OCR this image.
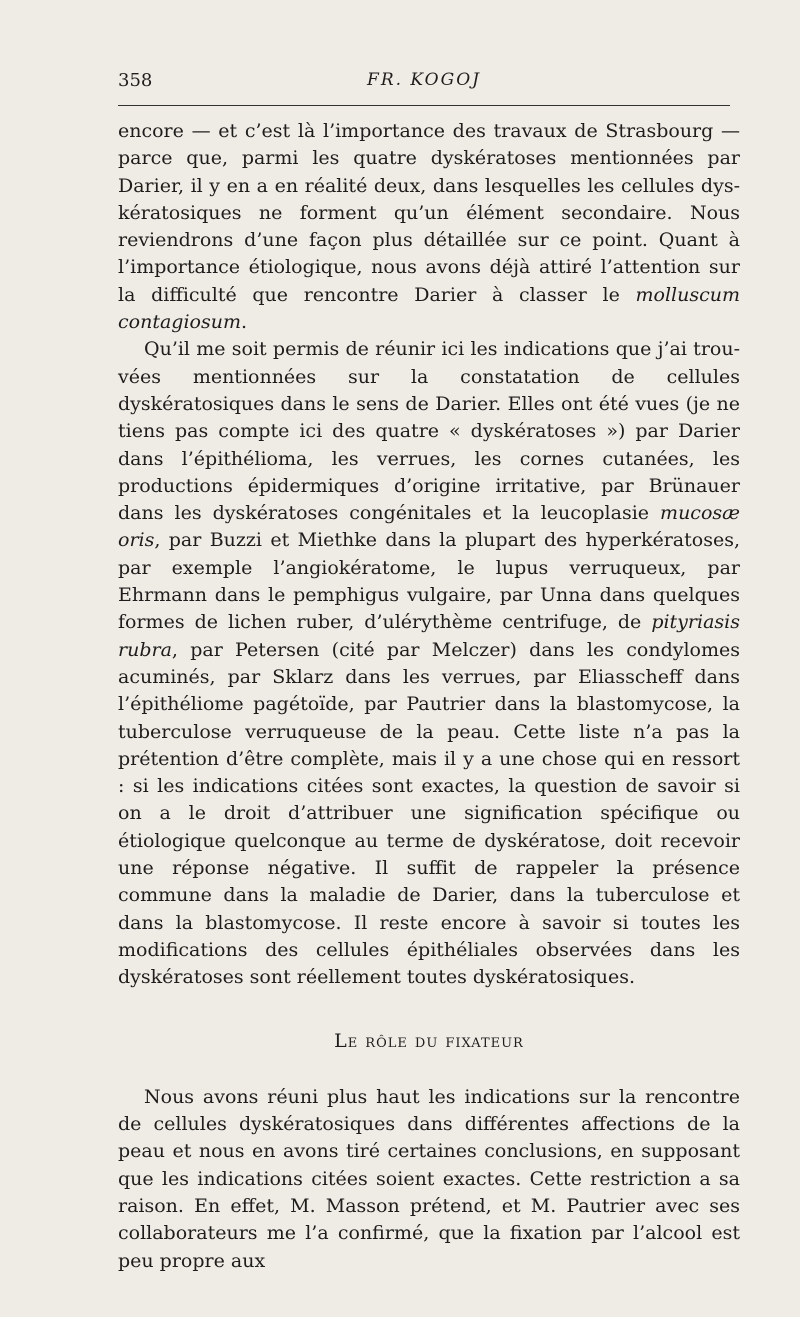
358	FR. KOGOJ

encore — et c’est là l’importance des travaux de Strasbourg — parce que, parmi les quatre dyskératoses mentionnées par Darier, il y en a en réalité deux, dans lesquelles les cellules dyskératosiques ne forment qu’un élément secondaire. Nous reviendrons d’une façon plus détaillée sur ce point. Quant à l’importance étiologique, nous avons déjà attiré l’attention sur la difficulté que rencontre Darier à classer le molluscum contagiosum.

Qu’il me soit permis de réunir ici les indications que j’ai trouvées mentionnées sur la constatation de cellules dyskératosiques dans le sens de Darier. Elles ont été vues (je ne tiens pas compte ici des quatre « dyskératoses ») par Darier dans l’épithélioma, les verrues, les cornes cutanées, les productions épidermiques d’origine irritative, par Brünauer dans les dyskératoses congénitales et la leucoplasie mucosæ oris, par Buzzi et Miethke dans la plupart des hyperkératoses, par exemple l’angiokératome, le lupus verruqueux, par Ehrmann dans le pemphigus vulgaire, par Unna dans quelques formes de lichen ruber, d’ulérythème centrifuge, de pityriasis rubra, par Petersen (cité par Melczer) dans les condylomes acuminés, par Sklarz dans les verrues, par Eliasscheff dans l’épithéliome pagétoïde, par Pautrier dans la blastomycose, la tuberculose verruqueuse de la peau. Cette liste n’a pas la prétention d’être complète, mais il y a une chose qui en ressort : si les indications citées sont exactes, la question de savoir si on a le droit d’attribuer une signification spécifique ou étiologique quelconque au terme de dyskératose, doit recevoir une réponse négative. Il suffit de rappeler la présence commune dans la maladie de Darier, dans la tuberculose et dans la blastomycose. Il reste encore à savoir si toutes les modifications des cellules épithéliales observées dans les dyskératoses sont réellement toutes dyskératosiques.

Le rôle du fixateur

Nous avons réuni plus haut les indications sur la rencontre de cellules dyskératosiques dans différentes affections de la peau et nous en avons tiré certaines conclusions, en supposant que les indications citées soient exactes. Cette restriction a sa raison. En effet, M. Masson prétend, et M. Pautrier avec ses collaborateurs me l’a confirmé, que la fixation par l’alcool est peu propre aux
